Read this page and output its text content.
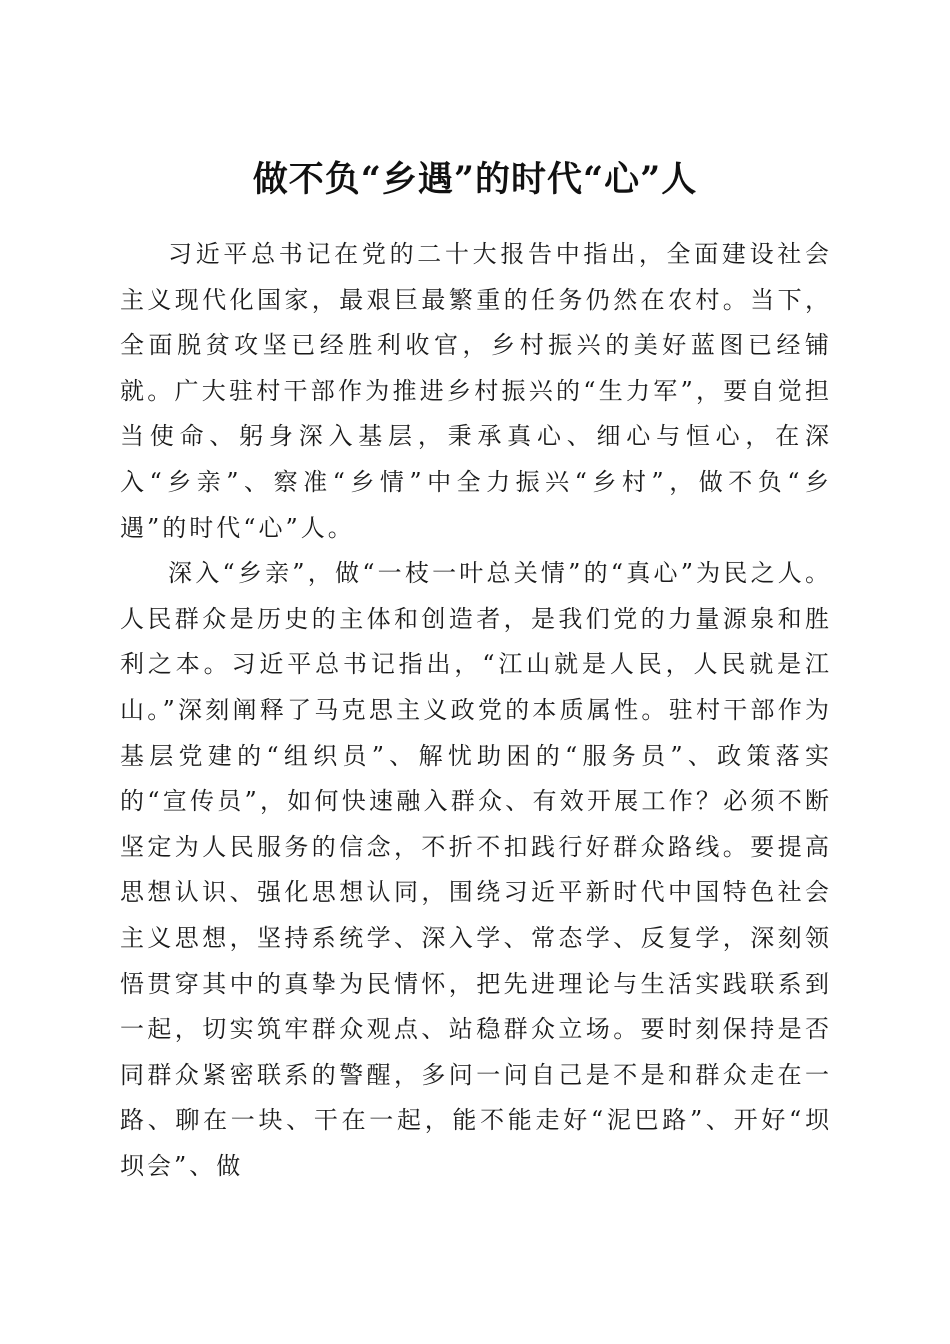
做不负“乡遇”的时代“心”人

习近平总书记在党的二十大报告中指出，全面建设社会主义现代化国家，最艰巨最繁重的任务仍然在农村。当下，全面脱贫攻坚已经胜利收官，乡村振兴的美好蓝图已经铺就。广大驻村干部作为推进乡村振兴的“生力军”，要自觉担当使命、躬身深入基层，秉承真心、细心与恒心，在深入“乡亲”、察准“乡情”中全力振兴“乡村”，做不负“乡遇”的时代“心”人。

深入“乡亲”，做“一枝一叶总关情”的“真心”为民之人。人民群众是历史的主体和创造者，是我们党的力量源泉和胜利之本。习近平总书记指出，“江山就是人民，人民就是江山。”深刻阐释了马克思主义政党的本质属性。驻村干部作为基层党建的“组织员”、解忧助困的“服务员”、政策落实的“宣传员”，如何快速融入群众、有效开展工作？必须不断坚定为人民服务的信念，不折不扣践行好群众路线。要提高思想认识、强化思想认同，围绕习近平新时代中国特色社会主义思想，坚持系统学、深入学、常态学、反复学，深刻领悟贯穿其中的真挚为民情怀，把先进理论与生活实践联系到一起，切实筑牢群众观点、站稳群众立场。要时刻保持是否同群众紧密联系的警醒，多问一问自己是不是和群众走在一路、聊在一块、干在一起，能不能走好“泥巴路”、开好“坝坝会”、做
